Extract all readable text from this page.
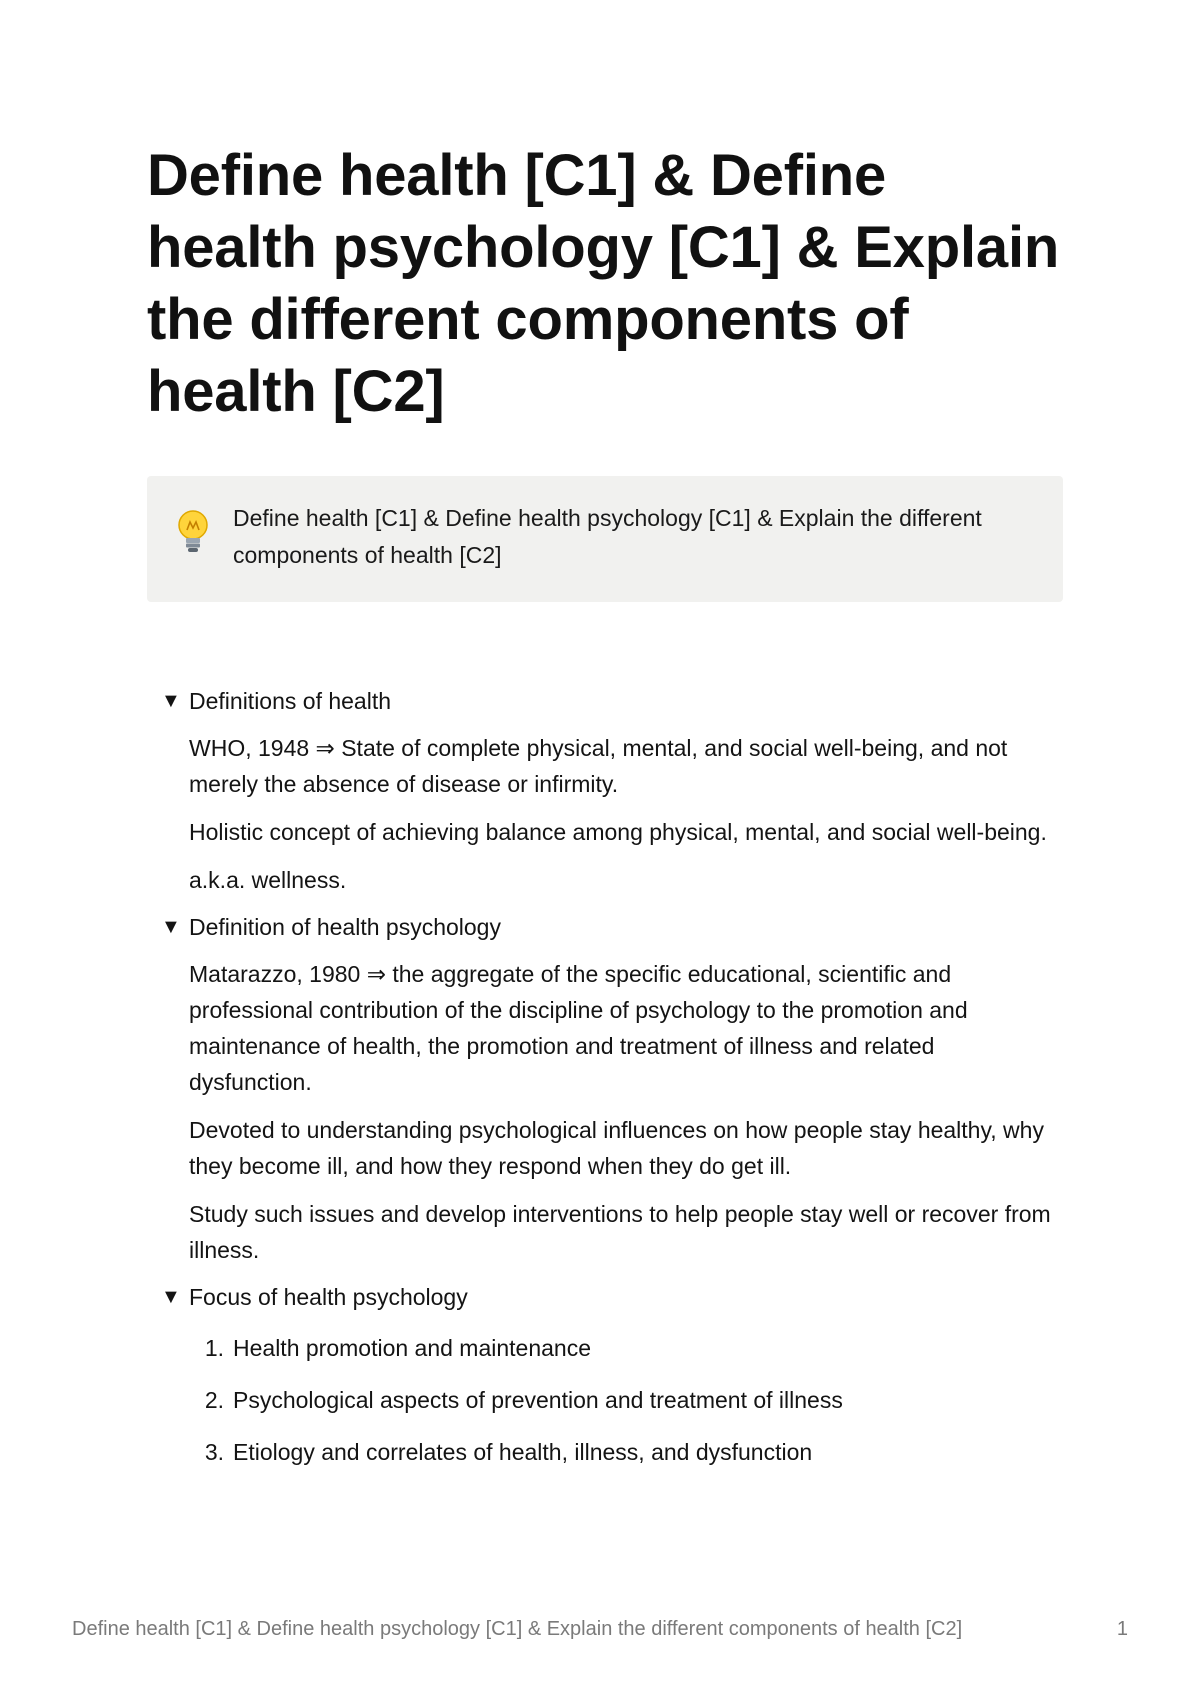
Define health [C1] & Define health psychology [C1] & Explain the different components of health [C2]
Define health [C1] & Define health psychology [C1] & Explain the different components of health [C2]
▼ Definitions of health

WHO, 1948 ⇒ State of complete physical, mental, and social well-being, and not merely the absence of disease or infirmity.

Holistic concept of achieving balance among physical, mental, and social well-being.

a.k.a. wellness.

▼ Definition of health psychology

Matarazzo, 1980 ⇒ the aggregate of the specific educational, scientific and professional contribution of the discipline of psychology to the promotion and maintenance of health, the promotion and treatment of illness and related dysfunction.

Devoted to understanding psychological influences on how people stay healthy, why they become ill, and how they respond when they do get ill.

Study such issues and develop interventions to help people stay well or recover from illness.

▼ Focus of health psychology
1. Health promotion and maintenance
2. Psychological aspects of prevention and treatment of illness
3. Etiology and correlates of health, illness, and dysfunction
Define health [C1] & Define health psychology [C1] & Explain the different components of health [C2]	1
